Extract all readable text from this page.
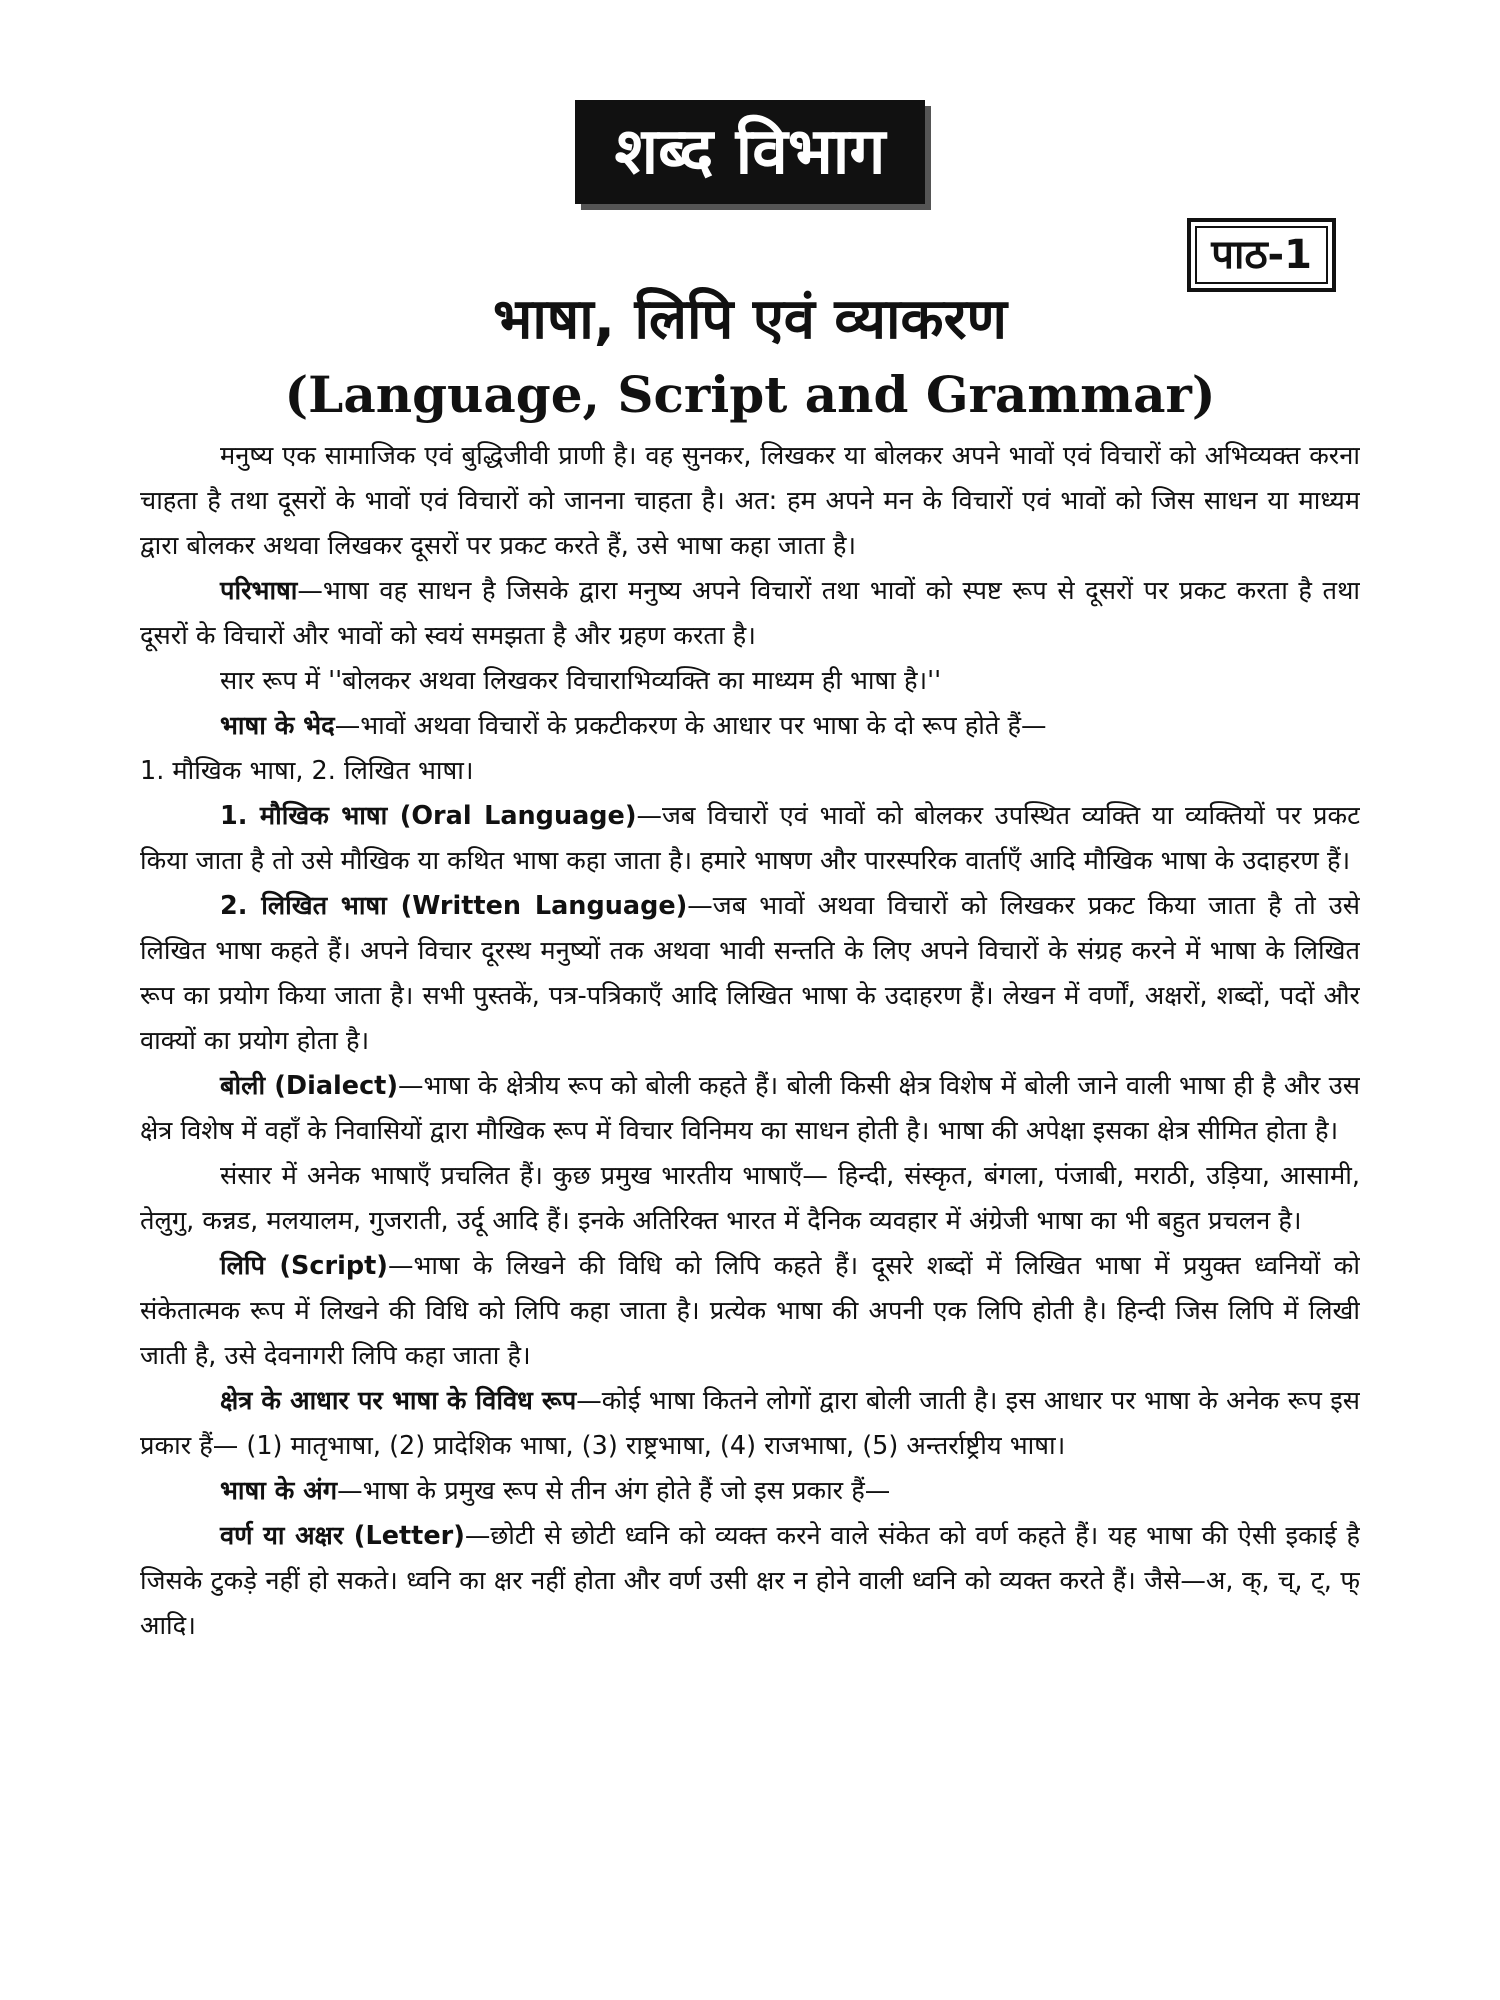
शब्द विभाग
पाठ-1
भाषा, लिपि एवं व्याकरण
(Language, Script and Grammar)

मनुष्य एक सामाजिक एवं बुद्धिजीवी प्राणी है। वह सुनकर, लिखकर या बोलकर अपने भावों एवं विचारों को अभिव्यक्त करना चाहता है तथा दूसरों के भावों एवं विचारों को जानना चाहता है। अत: हम अपने मन के विचारों एवं भावों को जिस साधन या माध्यम द्वारा बोलकर अथवा लिखकर दूसरों पर प्रकट करते हैं, उसे भाषा कहा जाता है।

परिभाषा—भाषा वह साधन है जिसके द्वारा मनुष्य अपने विचारों तथा भावों को स्पष्ट रूप से दूसरों पर प्रकट करता है तथा दूसरों के विचारों और भावों को स्वयं समझता है और ग्रहण करता है।

सार रूप में ''बोलकर अथवा लिखकर विचाराभिव्यक्ति का माध्यम ही भाषा है।''

भाषा के भेद—भावों अथवा विचारों के प्रकटीकरण के आधार पर भाषा के दो रूप होते हैं—

1. मौखिक भाषा, 2. लिखित भाषा।

1. मौखिक भाषा (Oral Language)—जब विचारों एवं भावों को बोलकर उपस्थित व्यक्ति या व्यक्तियों पर प्रकट किया जाता है तो उसे मौखिक या कथित भाषा कहा जाता है। हमारे भाषण और पारस्परिक वार्ताएँ आदि मौखिक भाषा के उदाहरण हैं।

2. लिखित भाषा (Written Language)—जब भावों अथवा विचारों को लिखकर प्रकट किया जाता है तो उसे लिखित भाषा कहते हैं। अपने विचार दूरस्थ मनुष्यों तक अथवा भावी सन्तति के लिए अपने विचारों के संग्रह करने में भाषा के लिखित रूप का प्रयोग किया जाता है। सभी पुस्तकें, पत्र-पत्रिकाएँ आदि लिखित भाषा के उदाहरण हैं। लेखन में वर्णों, अक्षरों, शब्दों, पदों और वाक्यों का प्रयोग होता है।

बोली (Dialect)—भाषा के क्षेत्रीय रूप को बोली कहते हैं। बोली किसी क्षेत्र विशेष में बोली जाने वाली भाषा ही है और उस क्षेत्र विशेष में वहाँ के निवासियों द्वारा मौखिक रूप में विचार विनिमय का साधन होती है। भाषा की अपेक्षा इसका क्षेत्र सीमित होता है।

संसार में अनेक भाषाएँ प्रचलित हैं। कुछ प्रमुख भारतीय भाषाएँ— हिन्दी, संस्कृत, बंगला, पंजाबी, मराठी, उड़िया, आसामी, तेलुगु, कन्नड, मलयालम, गुजराती, उर्दू आदि हैं। इनके अतिरिक्त भारत में दैनिक व्यवहार में अंग्रेजी भाषा का भी बहुत प्रचलन है।

लिपि (Script)—भाषा के लिखने की विधि को लिपि कहते हैं। दूसरे शब्दों में लिखित भाषा में प्रयुक्त ध्वनियों को संकेतात्मक रूप में लिखने की विधि को लिपि कहा जाता है। प्रत्येक भाषा की अपनी एक लिपि होती है। हिन्दी जिस लिपि में लिखी जाती है, उसे देवनागरी लिपि कहा जाता है।

क्षेत्र के आधार पर भाषा के विविध रूप—कोई भाषा कितने लोगों द्वारा बोली जाती है। इस आधार पर भाषा के अनेक रूप इस प्रकार हैं— (1) मातृभाषा, (2) प्रादेशिक भाषा, (3) राष्ट्रभाषा, (4) राजभाषा, (5) अन्तर्राष्ट्रीय भाषा।

भाषा के अंग—भाषा के प्रमुख रूप से तीन अंग होते हैं जो इस प्रकार हैं—

वर्ण या अक्षर (Letter)—छोटी से छोटी ध्वनि को व्यक्त करने वाले संकेत को वर्ण कहते हैं। यह भाषा की ऐसी इकाई है जिसके टुकड़े नहीं हो सकते। ध्वनि का क्षर नहीं होता और वर्ण उसी क्षर न होने वाली ध्वनि को व्यक्त करते हैं। जैसे—अ, क्, च्, ट्, फ् आदि।
